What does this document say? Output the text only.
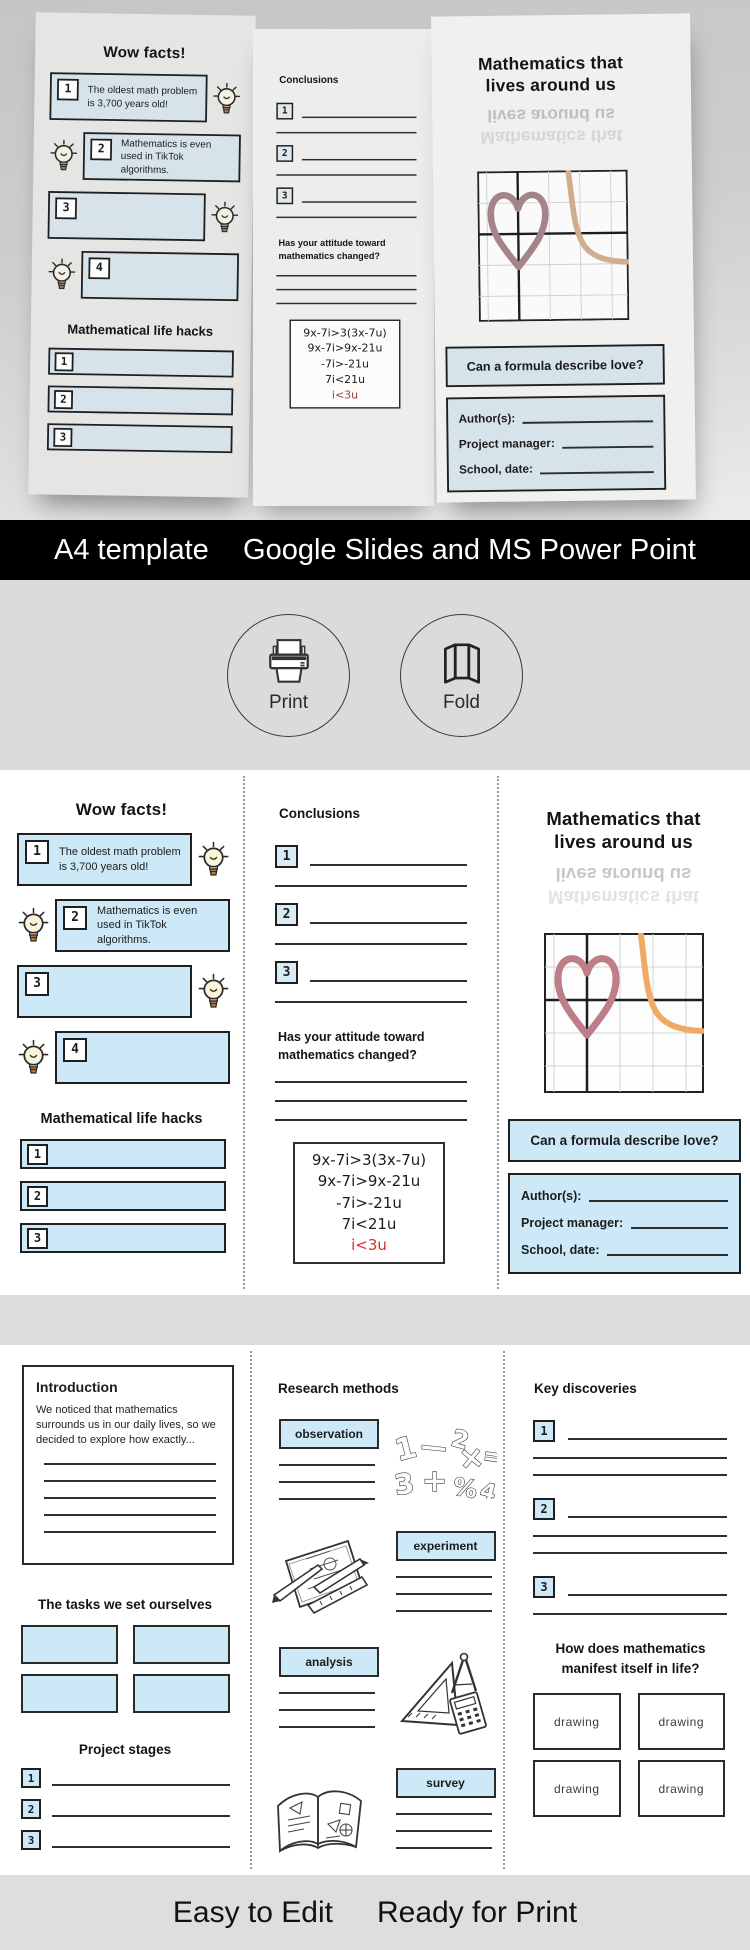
Wow facts!
1	The oldest math problem is 3,700 years old!
2	Mathematics is even used in TikTok algorithms.
3
4
Mathematical life hacks
1
2
3
Conclusions
1
2
3
Has your attitude toward mathematics changed?
9x-7i>3(3x-7u)
9x-7i>9x-21u
-7i>-21u
7i<21u
i<3u
Mathematics that
lives around us
Mathematics that
lives around us
Can a formula describe love?
Author(s):
Project manager:
School, date:
A4 template Google Slides and MS Power Point
Print	Fold
Wow facts!
1	The oldest math problem is 3,700 years old!
2	Mathematics is even used in TikTok algorithms.
3
4
Mathematical life hacks
1
2
3
Conclusions
1
2
3
Has your attitude toward mathematics changed?
9x-7i>3(3x-7u)
9x-7i>9x-21u
-7i>-21u
7i<21u
i<3u
Mathematics that
lives around us
Mathematics that
lives around us
Can a formula describe love?
Author(s):
Project manager:
School, date:
Introduction

We noticed that mathematics surrounds us in our daily lives, so we decided to explore how exactly...

The tasks we set ourselves
Project stages
1
2
3
Research methods
observation
experiment
analysis
survey
Key discoveries
1
2
3
How does mathematics
manifest itself in life?
drawing	drawing
drawing	drawing
Easy to Edit Ready for Print
